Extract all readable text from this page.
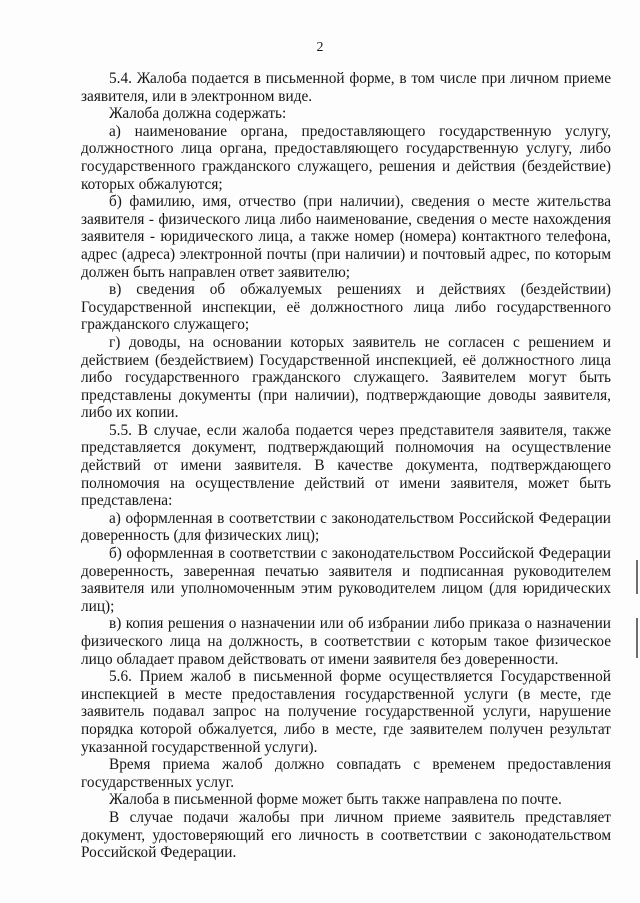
2

5.4. Жалоба подается в письменной форме, в том числе при личном приеме заявителя, или в электронном виде.

Жалоба должна содержать:

а) наименование органа, предоставляющего государственную услугу, должностного лица органа, предоставляющего государственную услугу, либо государственного гражданского служащего, решения и действия (бездействие) которых обжалуются;

б) фамилию, имя, отчество (при наличии), сведения о месте жительства заявителя - физического лица либо наименование, сведения о месте нахождения заявителя - юридического лица, а также номер (номера) контактного телефона, адрес (адреса) электронной почты (при наличии) и почтовый адрес, по которым должен быть направлен ответ заявителю;

в) сведения об обжалуемых решениях и действиях (бездействии) Государственной инспекции, её должностного лица либо государственного гражданского служащего;

г) доводы, на основании которых заявитель не согласен с решением и действием (бездействием) Государственной инспекцией, её должностного лица либо государственного гражданского служащего. Заявителем могут быть представлены документы (при наличии), подтверждающие доводы заявителя, либо их копии.

5.5. В случае, если жалоба подается через представителя заявителя, также представляется документ, подтверждающий полномочия на осуществление действий от имени заявителя. В качестве документа, подтверждающего полномочия на осуществление действий от имени заявителя, может быть представлена:

а) оформленная в соответствии с законодательством Российской Федерации доверенность (для физических лиц);

б) оформленная в соответствии с законодательством Российской Федерации доверенность, заверенная печатью заявителя и подписанная руководителем заявителя или уполномоченным этим руководителем лицом (для юридических лиц);

в) копия решения о назначении или об избрании либо приказа о назначении физического лица на должность, в соответствии с которым такое физическое лицо обладает правом действовать от имени заявителя без доверенности.

5.6. Прием жалоб в письменной форме осуществляется Государственной инспекцией в месте предоставления государственной услуги (в месте, где заявитель подавал запрос на получение государственной услуги, нарушение порядка которой обжалуется, либо в месте, где заявителем получен результат указанной государственной услуги).

Время приема жалоб должно совпадать с временем предоставления государственных услуг.

Жалоба в письменной форме может быть также направлена по почте.

В случае подачи жалобы при личном приеме заявитель представляет документ, удостоверяющий его личность в соответствии с законодательством Российской Федерации.
